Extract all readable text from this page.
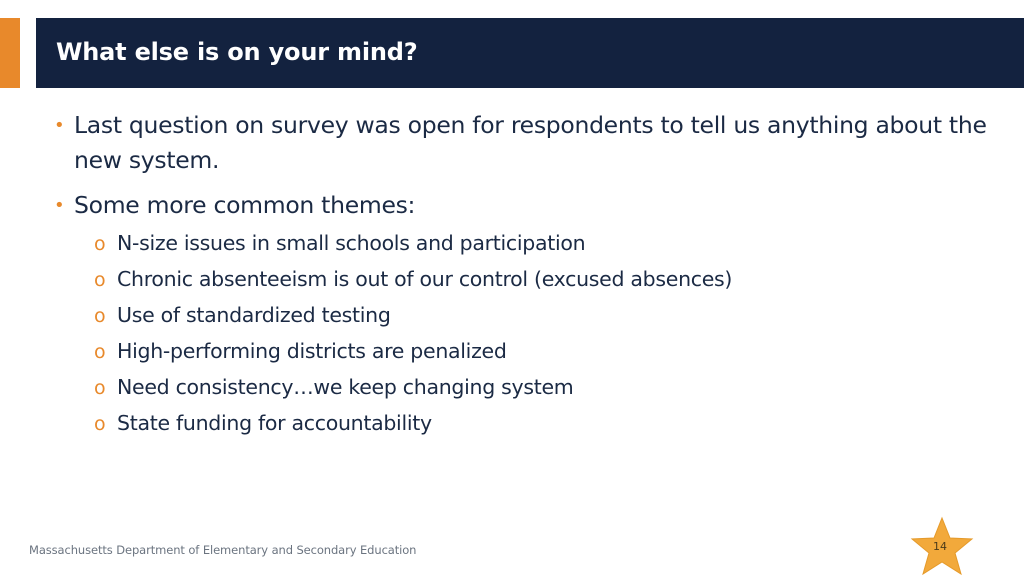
What else is on your mind?
• Last question on survey was open for respondents to tell us anything about the new system.
• Some more common themes:
o N-size issues in small schools and participation
o Chronic absenteeism is out of our control (excused absences)
o Use of standardized testing
o High-performing districts are penalized
o Need consistency…we keep changing system
o State funding for accountability
Massachusetts Department of Elementary and Secondary Education	14
